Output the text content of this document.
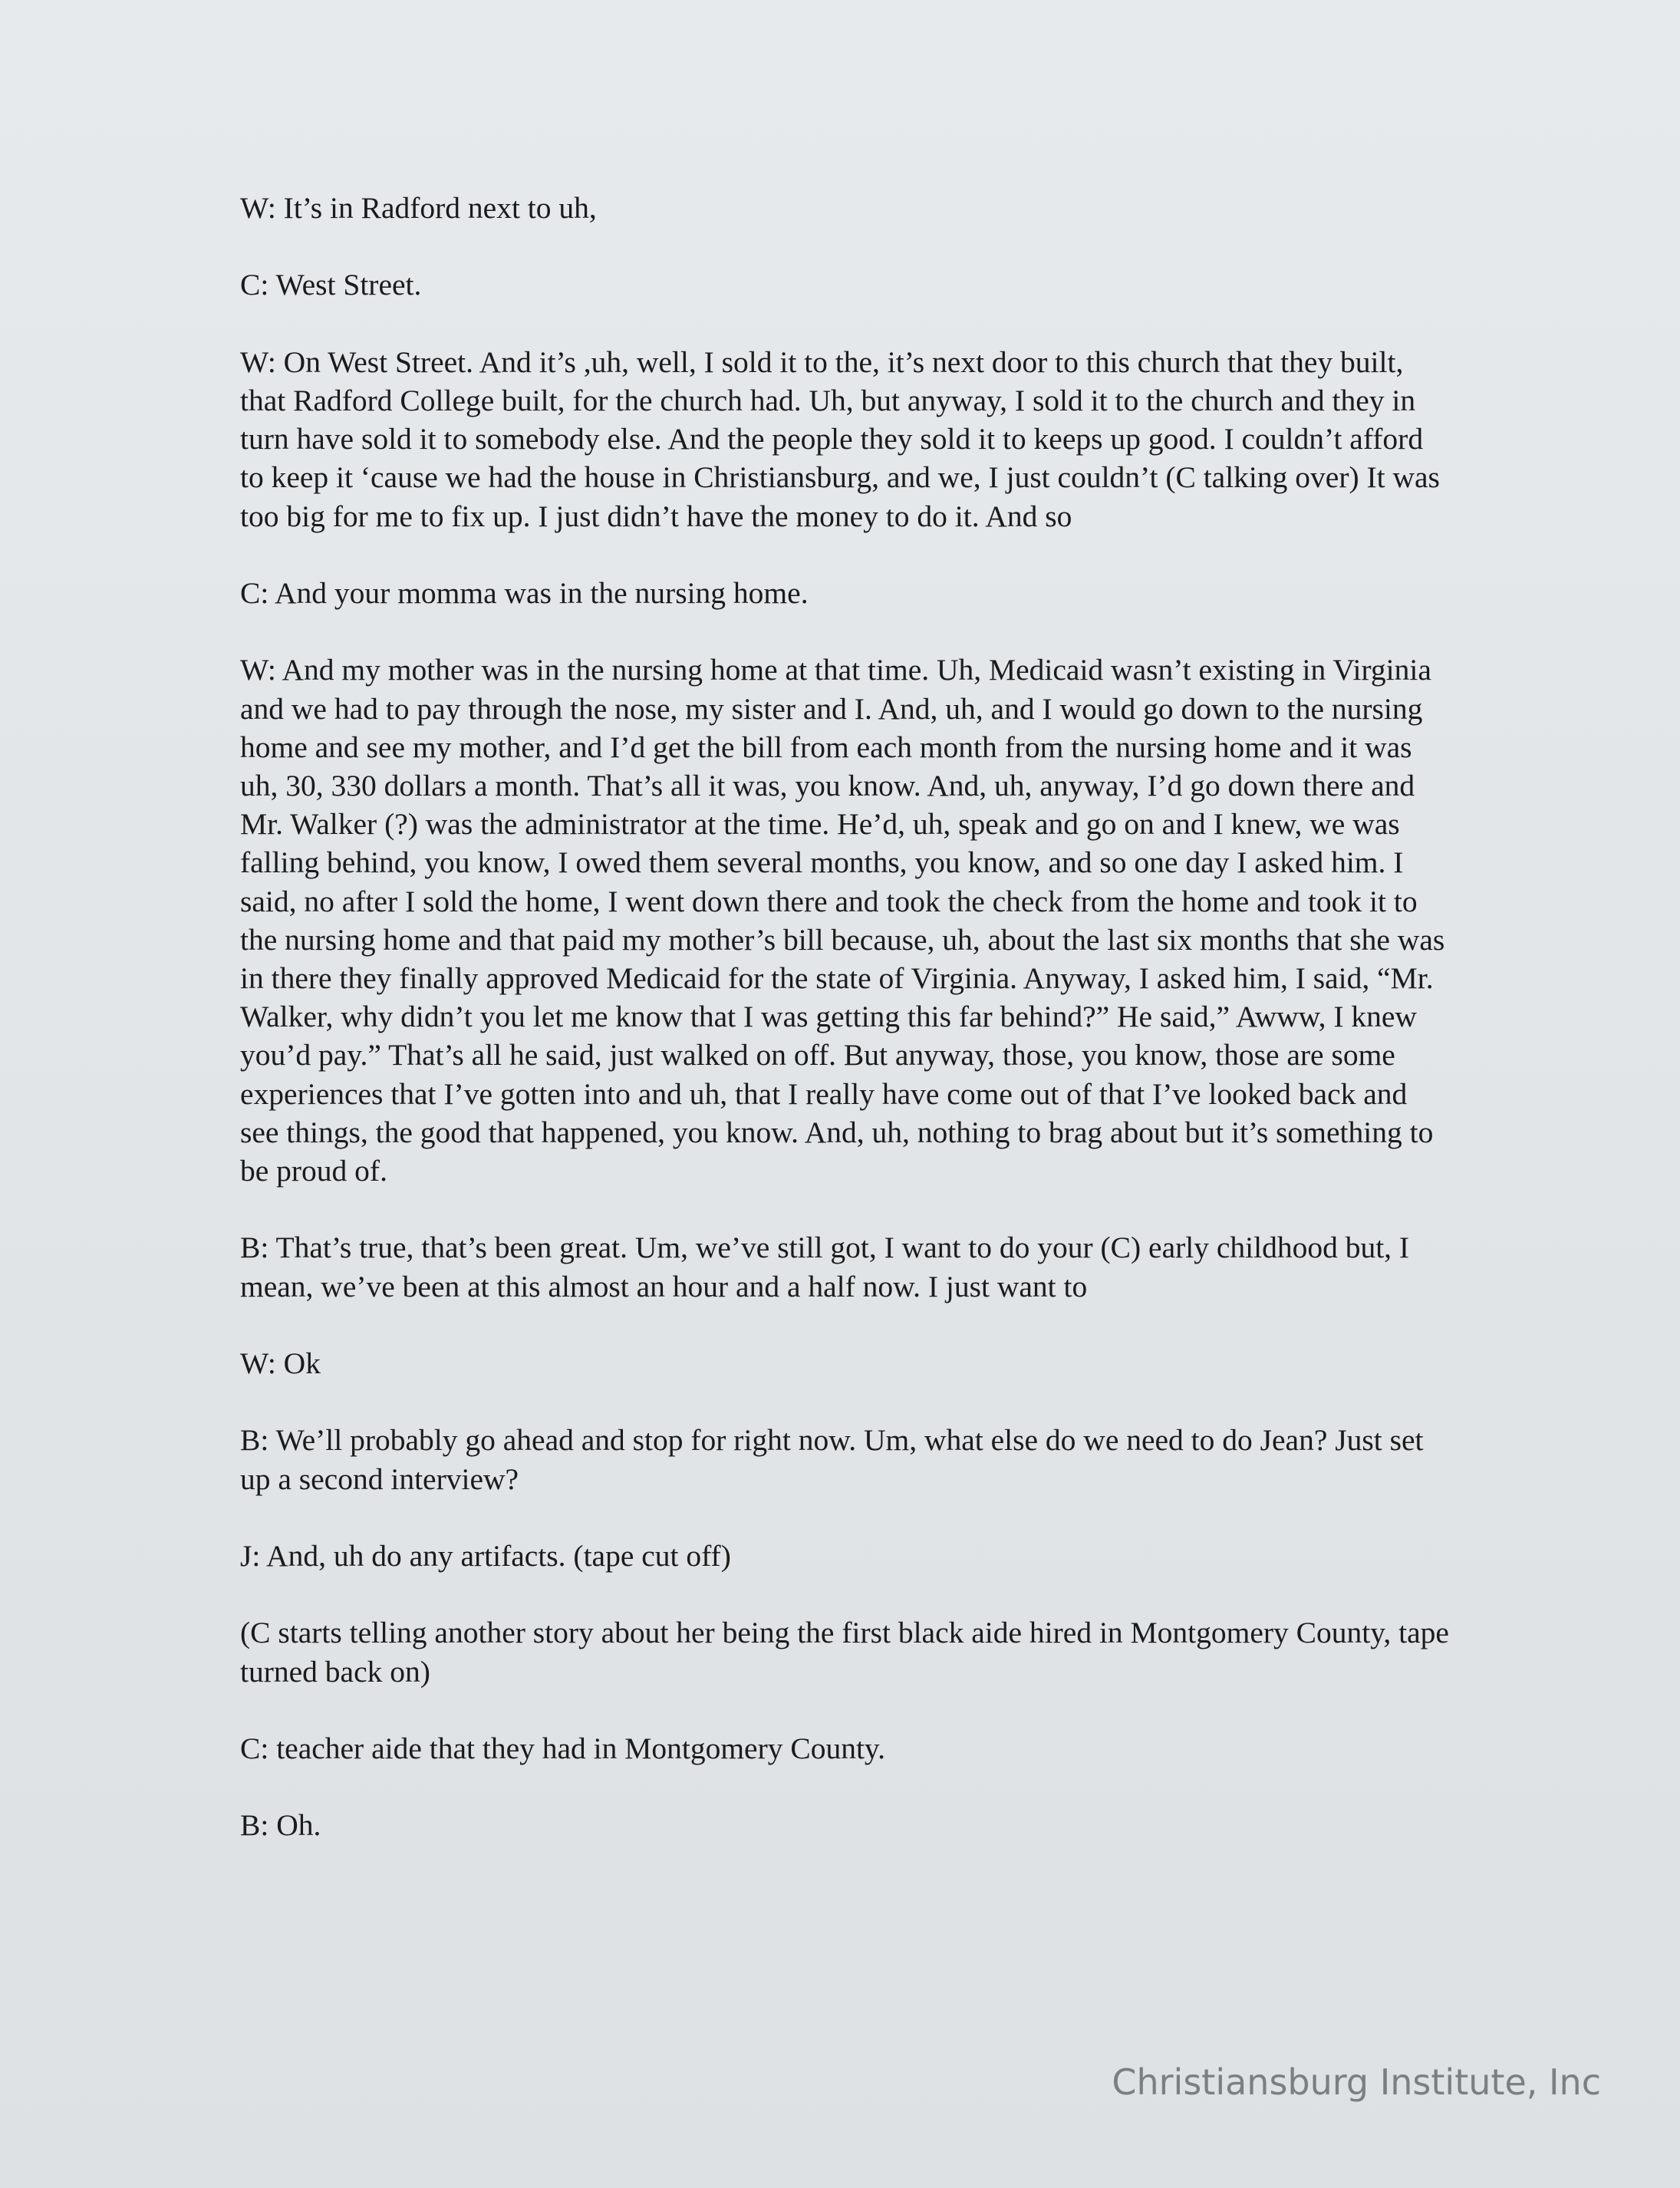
W: It’s in Radford next to uh,

C: West Street.

W: On West Street. And it’s ,uh, well, I sold it to the, it’s next door to this church that they built, that Radford College built, for the church had. Uh, but anyway, I sold it to the church and they in turn have sold it to somebody else. And the people they sold it to keeps up good. I couldn’t afford to keep it ‘cause we had the house in Christiansburg, and we, I just couldn’t (C talking over) It was too big for me to fix up. I just didn’t have the money to do it. And so

C: And your momma was in the nursing home.

W: And my mother was in the nursing home at that time. Uh, Medicaid wasn’t existing in Virginia and we had to pay through the nose, my sister and I. And, uh, and I would go down to the nursing home and see my mother, and I’d get the bill from each month from the nursing home and it was uh, 30, 330 dollars a month. That’s all it was, you know. And, uh, anyway, I’d go down there and Mr. Walker (?) was the administrator at the time. He’d, uh, speak and go on and I knew, we was falling behind, you know, I owed them several months, you know, and so one day I asked him. I said, no after I sold the home, I went down there and took the check from the home and took it to the nursing home and that paid my mother’s bill because, uh, about the last six months that she was in there they finally approved Medicaid for the state of Virginia. Anyway, I asked him, I said, “Mr. Walker, why didn’t you let me know that I was getting this far behind?” He said,” Awww, I knew you’d pay.” That’s all he said, just walked on off. But anyway, those, you know, those are some experiences that I’ve gotten into and uh, that I really have come out of that I’ve looked back and see things, the good that happened, you know. And, uh, nothing to brag about but it’s something to be proud of.

B: That’s true, that’s been great. Um, we’ve still got, I want to do your (C) early childhood but, I mean, we’ve been at this almost an hour and a half now. I just want to

W: Ok

B: We’ll probably go ahead and stop for right now. Um, what else do we need to do Jean? Just set up a second interview?

J: And, uh do any artifacts. (tape cut off)

(C starts telling another story about her being the first black aide hired in Montgomery County, tape turned back on)

C: teacher aide that they had in Montgomery County.

B: Oh.

Christiansburg Institute, Inc
